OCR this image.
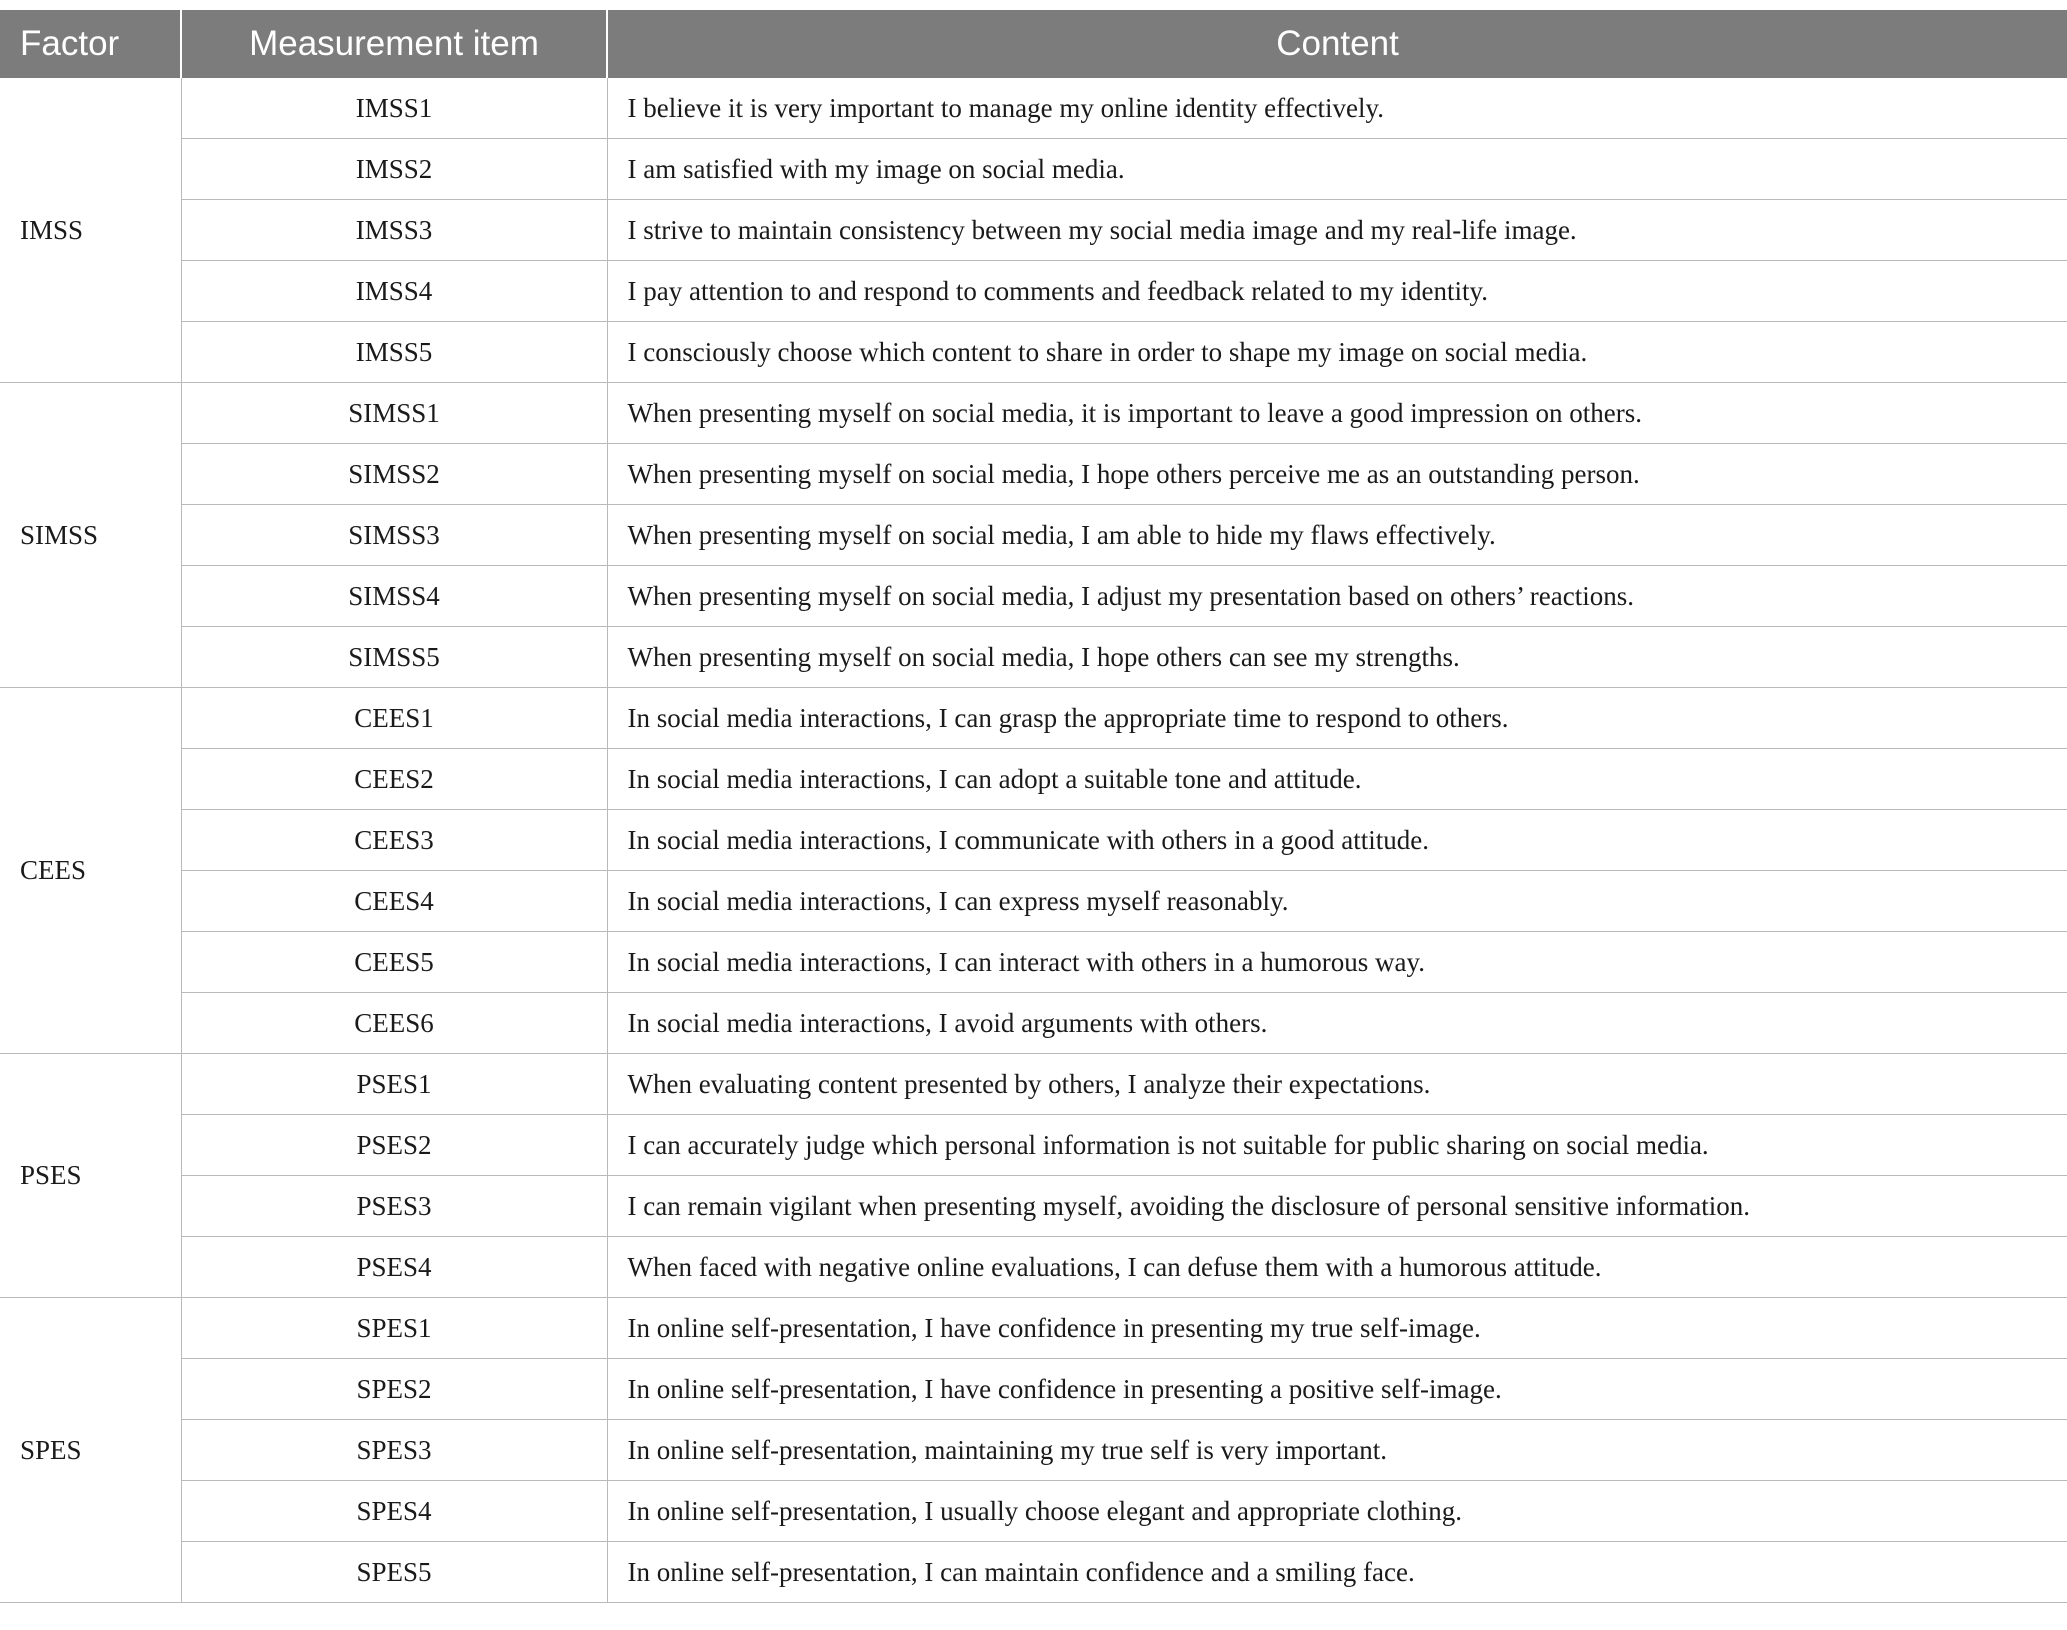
Factor	Measurement item	Content
IMSS	IMSS1	I believe it is very important to manage my online identity effectively.
	IMSS2	I am satisfied with my image on social media.
	IMSS3	I strive to maintain consistency between my social media image and my real-life image.
	IMSS4	I pay attention to and respond to comments and feedback related to my identity.
	IMSS5	I consciously choose which content to share in order to shape my image on social media.
SIMSS	SIMSS1	When presenting myself on social media, it is important to leave a good impression on others.
	SIMSS2	When presenting myself on social media, I hope others perceive me as an outstanding person.
	SIMSS3	When presenting myself on social media, I am able to hide my flaws effectively.
	SIMSS4	When presenting myself on social media, I adjust my presentation based on others’ reactions.
	SIMSS5	When presenting myself on social media, I hope others can see my strengths.
CEES	CEES1	In social media interactions, I can grasp the appropriate time to respond to others.
	CEES2	In social media interactions, I can adopt a suitable tone and attitude.
	CEES3	In social media interactions, I communicate with others in a good attitude.
	CEES4	In social media interactions, I can express myself reasonably.
	CEES5	In social media interactions, I can interact with others in a humorous way.
	CEES6	In social media interactions, I avoid arguments with others.
PSES	PSES1	When evaluating content presented by others, I analyze their expectations.
	PSES2	I can accurately judge which personal information is not suitable for public sharing on social media.
	PSES3	I can remain vigilant when presenting myself, avoiding the disclosure of personal sensitive information.
	PSES4	When faced with negative online evaluations, I can defuse them with a humorous attitude.
SPES	SPES1	In online self-presentation, I have confidence in presenting my true self-image.
	SPES2	In online self-presentation, I have confidence in presenting a positive self-image.
	SPES3	In online self-presentation, maintaining my true self is very important.
	SPES4	In online self-presentation, I usually choose elegant and appropriate clothing.
	SPES5	In online self-presentation, I can maintain confidence and a smiling face.
